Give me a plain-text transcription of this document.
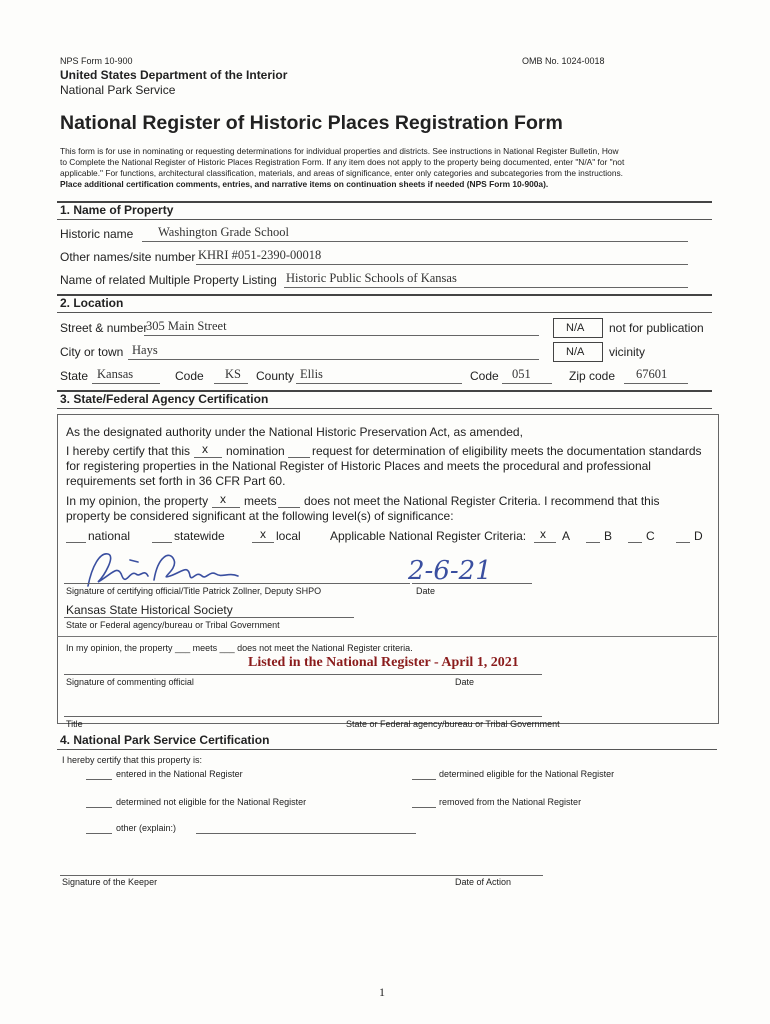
NPS Form 10-900	OMB No. 1024-0018
United States Department of the Interior
National Park Service
National Register of Historic Places Registration Form
This form is for use in nominating or requesting determinations for individual properties and districts. See instructions in National Register Bulletin, How
to Complete the National Register of Historic Places Registration Form. If any item does not apply to the property being documented, enter "N/A" for "not
applicable." For functions, architectural classification, materials, and areas of significance, enter only categories and subcategories from the instructions.
Place additional certification comments, entries, and narrative items on continuation sheets if needed (NPS Form 10-900a).
1. Name of Property
Historic name Washington Grade School
Other names/site number KHRI #051-2390-00018
Name of related Multiple Property Listing Historic Public Schools of Kansas
2. Location
Street & number
305 Main Street	N/A not for publication
City or town Hays	N/A vicinity
State Kansas	Code KS County Ellis	Code 051	Zip code 67601
3. State/Federal Agency Certification
As the designated authority under the National Historic Preservation Act, as amended,
I hereby certify that this x nomination request for determination of eligibility meets the documentation standards
for registering properties in the National Register of Historic Places and meets the procedural and professional
requirements set forth in 36 CFR Part 60.
In my opinion, the property x meets does not meet the National Register Criteria. I recommend that this
property be considered significant at the following level(s) of significance:
national	statewide	x local Applicable National Register Criteria: x A	B	C	D
2-6-21
Signature of certifying official/Title Patrick Zollner, Deputy SHPO	Date
Kansas State Historical Society
State or Federal agency/bureau or Tribal Government
In my opinion, the property ___ meets ___ does not meet the National Register criteria.
Listed in the National Register - April 1, 2021
Signature of commenting official	Date
Title	State or Federal agency/bureau or Tribal Government
4. National Park Service Certification
I hereby certify that this property is:
entered in the National Register	determined eligible for the National Register
determined not eligible for the National Register	removed from the National Register
other (explain:)
Signature of the Keeper	Date of Action
1
